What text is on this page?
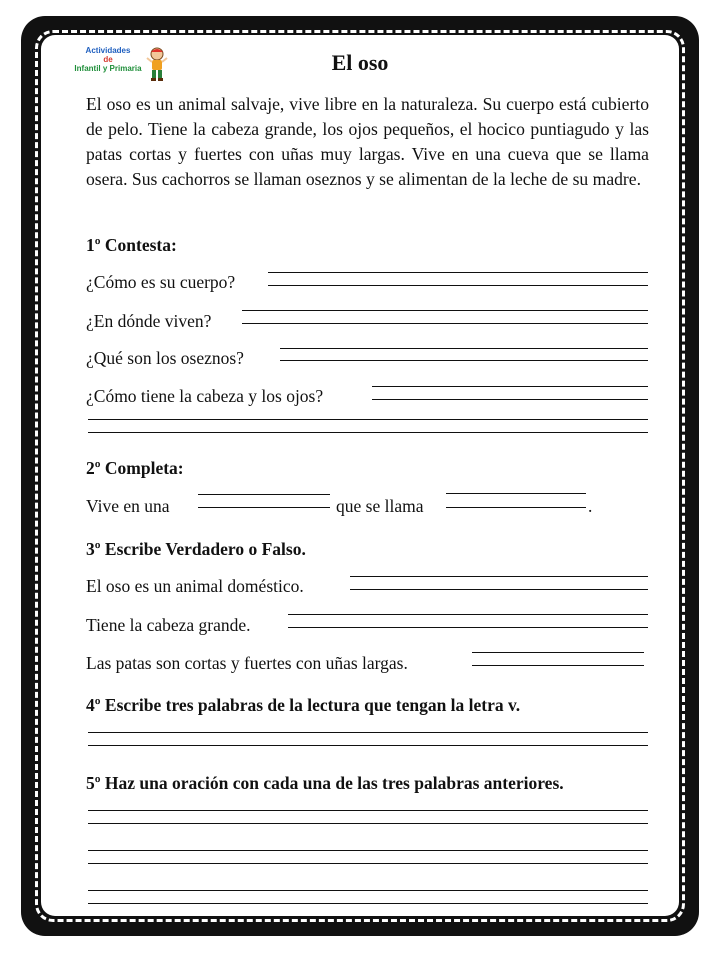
Actividades
de
Infantil y Primaria	El oso
El oso es un animal salvaje, vive libre en la naturaleza. Su cuerpo está cubierto de pelo. Tiene la cabeza grande, los ojos pequeños, el hocico puntiagudo y las patas cortas y fuertes con uñas muy largas. Vive en una cueva que se llama osera. Sus cachorros se llaman oseznos y se alimentan de la leche de su madre.
1º Contesta:
¿Cómo es su cuerpo?
¿En dónde viven?
¿Qué son los oseznos?
¿Cómo tiene la cabeza y los ojos?
2º Completa:
Vive en una	que se llama	.
3º Escribe Verdadero o Falso.
El oso es un animal doméstico.
Tiene la cabeza grande.
Las patas son cortas y fuertes con uñas largas.
4º Escribe tres palabras de la lectura que tengan la letra v.
5º Haz una oración con cada una de las tres palabras anteriores.
